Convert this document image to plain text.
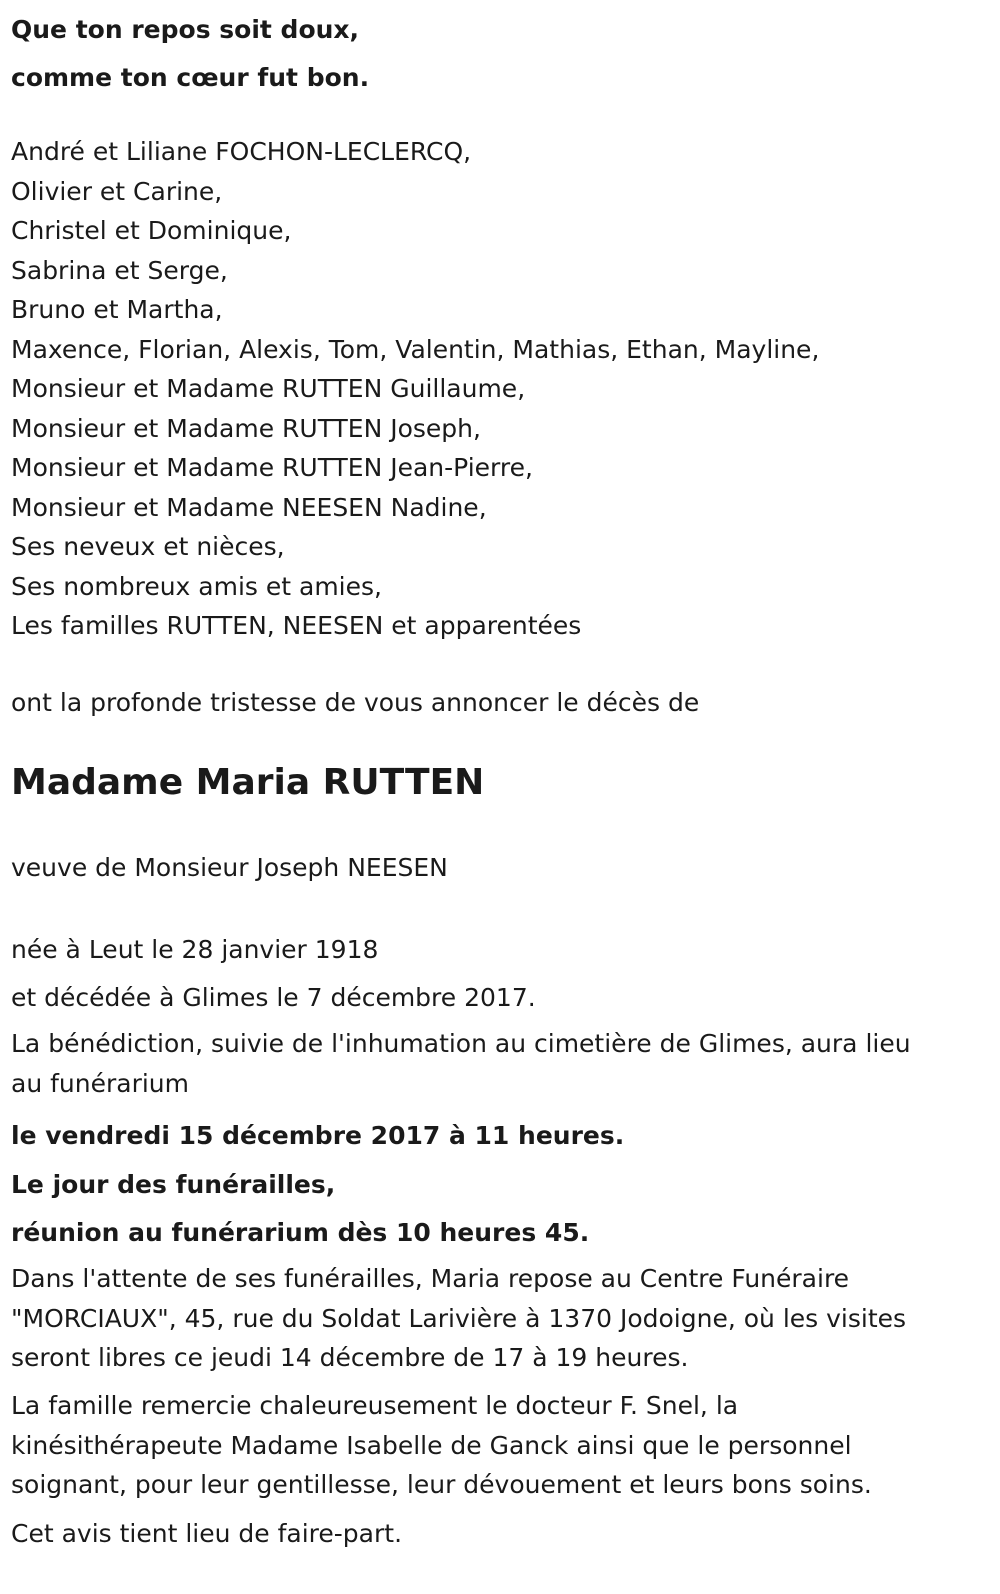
Que ton repos soit doux,
comme ton cœur fut bon.
André et Liliane FOCHON-LECLERCQ,
Olivier et Carine,
Christel et Dominique,
Sabrina et Serge,
Bruno et Martha,
Maxence, Florian, Alexis, Tom, Valentin, Mathias, Ethan, Mayline,
Monsieur et Madame RUTTEN Guillaume,
Monsieur et Madame RUTTEN Joseph,
Monsieur et Madame RUTTEN Jean-Pierre,
Monsieur et Madame NEESEN Nadine,
Ses neveux et nièces,
Ses nombreux amis et amies,
Les familles RUTTEN, NEESEN et apparentées

ont la profonde tristesse de vous annoncer le décès de

Madame Maria RUTTEN

veuve de Monsieur Joseph NEESEN

née à Leut le 28 janvier 1918
et décédée à Glimes le 7 décembre 2017.
La bénédiction, suivie de l'inhumation au cimetière de Glimes, aura lieu
au funérarium
le vendredi 15 décembre 2017 à 11 heures.
Le jour des funérailles,
réunion au funérarium dès 10 heures 45.
Dans l'attente de ses funérailles, Maria repose au Centre Funéraire
"MORCIAUX", 45, rue du Soldat Larivière à 1370 Jodoigne, où les visites
seront libres ce jeudi 14 décembre de 17 à 19 heures.
La famille remercie chaleureusement le docteur F. Snel, la
kinésithérapeute Madame Isabelle de Ganck ainsi que le personnel
soignant, pour leur gentillesse, leur dévouement et leurs bons soins.

Cet avis tient lieu de faire-part.
